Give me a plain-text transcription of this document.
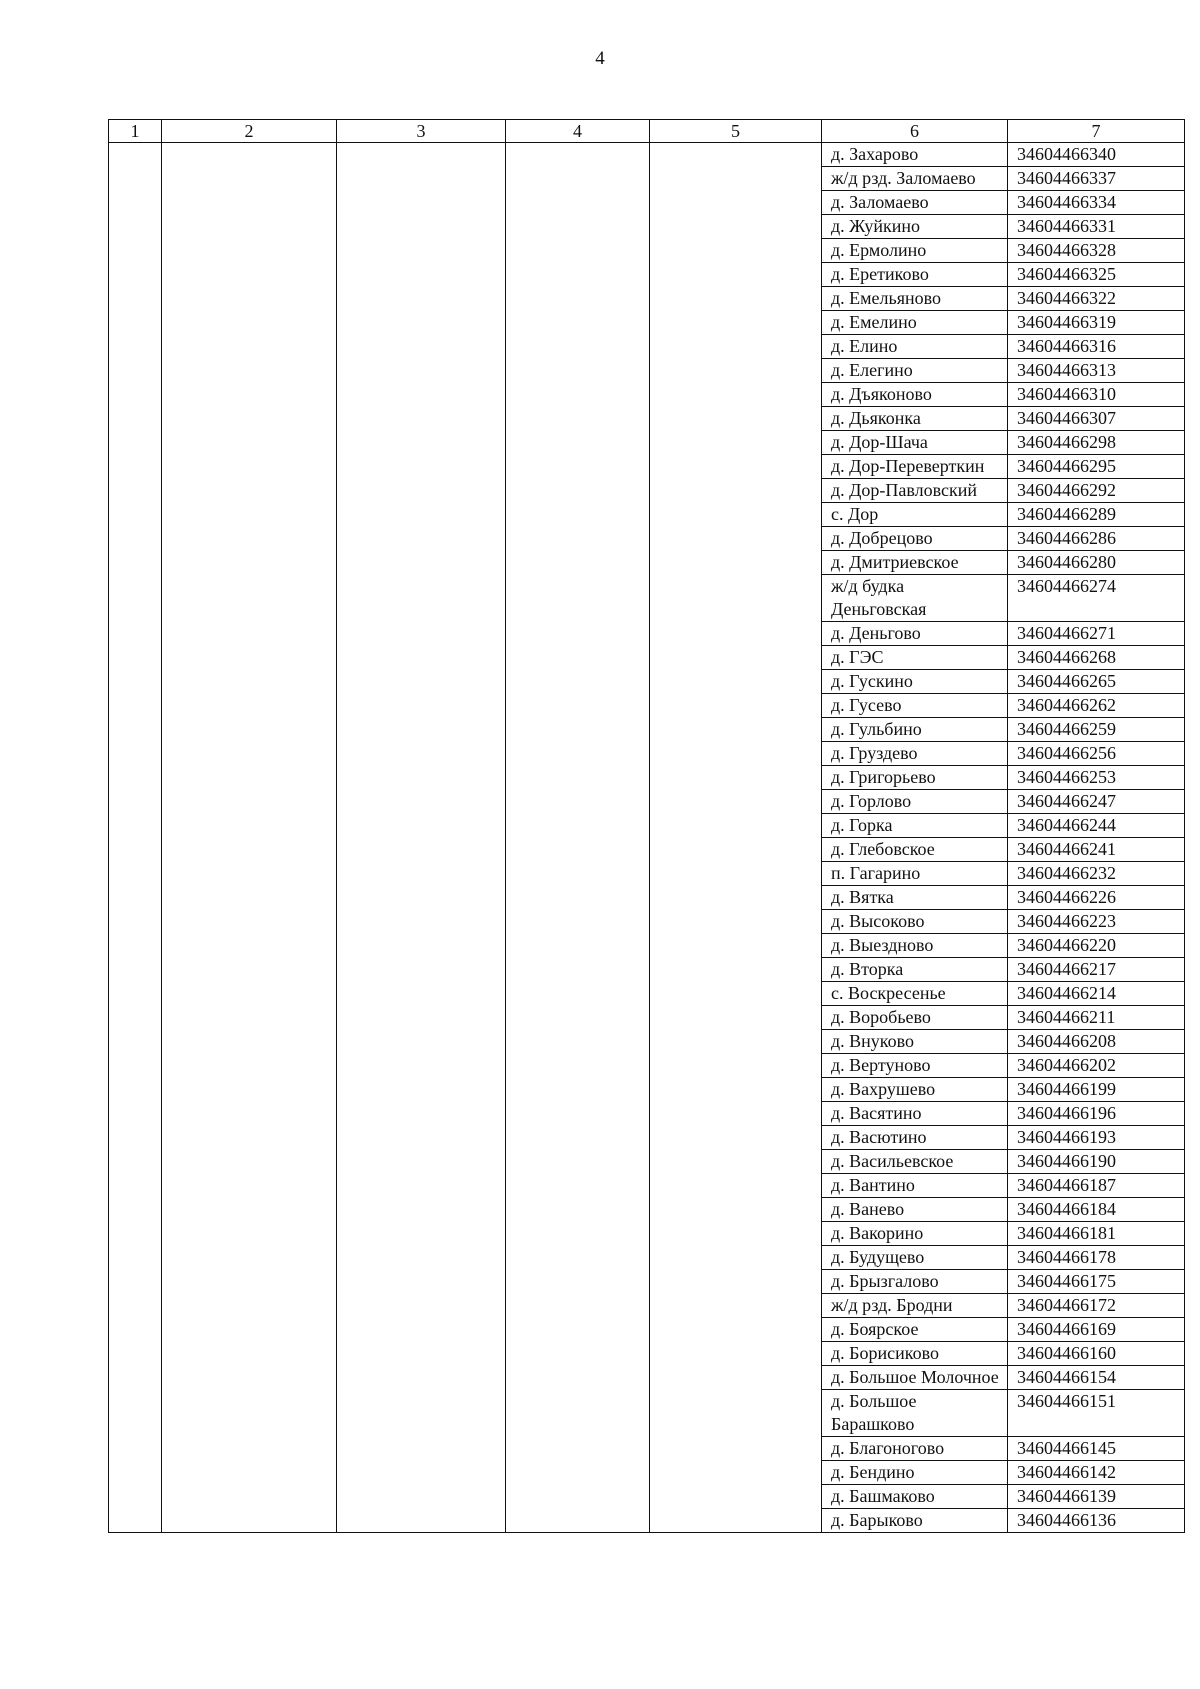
4
1	2	3	4	5	6	7
					д. Захарово	34604466340
					ж/д рзд. Заломаево	34604466337
					д. Заломаево	34604466334
					д. Жуйкино	34604466331
					д. Ермолино	34604466328
					д. Еретиково	34604466325
					д. Емельяново	34604466322
					д. Емелино	34604466319
					д. Елино	34604466316
					д. Елегино	34604466313
					д. Дъяконово	34604466310
					д. Дьяконка	34604466307
					д. Дор-Шача	34604466298
					д. Дор-Переверткин	34604466295
					д. Дор-Павловский	34604466292
					с. Дор	34604466289
					д. Добрецово	34604466286
					д. Дмитриевское	34604466280
					ж/д будка Деньговская	34604466274
					д. Деньгово	34604466271
					д. ГЭС	34604466268
					д. Гускино	34604466265
					д. Гусево	34604466262
					д. Гульбино	34604466259
					д. Груздево	34604466256
					д. Григорьево	34604466253
					д. Горлово	34604466247
					д. Горка	34604466244
					д. Глебовское	34604466241
					п. Гагарино	34604466232
					д. Вятка	34604466226
					д. Высоково	34604466223
					д. Выездново	34604466220
					д. Вторка	34604466217
					с. Воскресенье	34604466214
					д. Воробьево	34604466211
					д. Внуково	34604466208
					д. Вертуново	34604466202
					д. Вахрушево	34604466199
					д. Васятино	34604466196
					д. Васютино	34604466193
					д. Васильевское	34604466190
					д. Вантино	34604466187
					д. Ванево	34604466184
					д. Вакорино	34604466181
					д. Будущево	34604466178
					д. Брызгалово	34604466175
					ж/д рзд. Бродни	34604466172
					д. Боярское	34604466169
					д. Борисиково	34604466160
					д. Большое Молочное	34604466154
					д. Большое Барашково	34604466151
					д. Благоногово	34604466145
					д. Бендино	34604466142
					д. Башмаково	34604466139
					д. Барыково	34604466136
